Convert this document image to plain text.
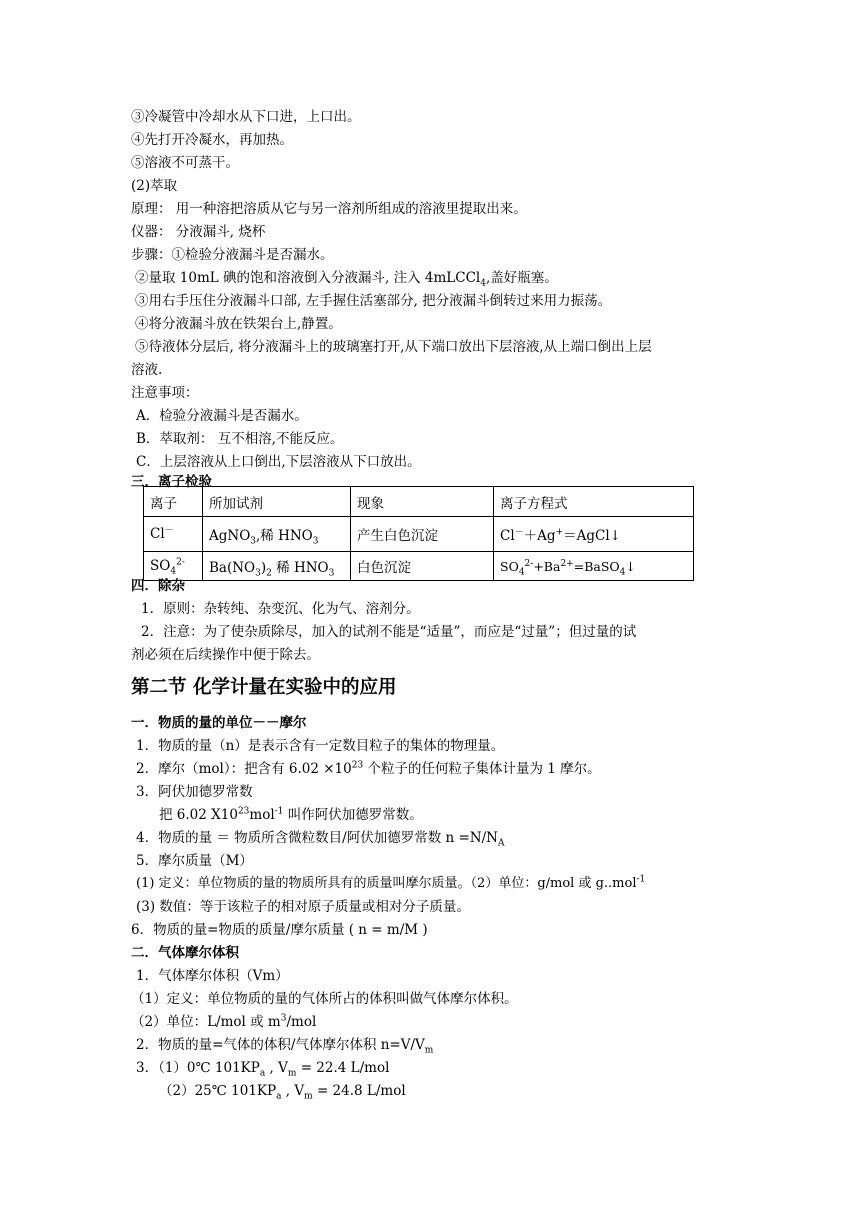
③冷凝管中冷却水从下口进，上口出。
④先打开冷凝水，再加热。
⑤溶液不可蒸干。
(2)萃取
原理： 用一种溶把溶质从它与另一溶剂所组成的溶液里提取出来。
仪器： 分液漏斗, 烧杯
步骤：①检验分液漏斗是否漏水。
②量取 10mL 碘的饱和溶液倒入分液漏斗, 注入 4mLCCl$_4$,盖好瓶塞。
③用右手压住分液漏斗口部, 左手握住活塞部分, 把分液漏斗倒转过来用力振荡。
④将分液漏斗放在铁架台上,静置。
⑤待液体分层后, 将分液漏斗上的玻璃塞打开,从下端口放出下层溶液,从上端口倒出上层
溶液.
注意事项：
A．检验分液漏斗是否漏水。
B．萃取剂： 互不相溶,不能反应。
C．上层溶液从上口倒出,下层溶液从下口放出。
三．离子检验
离子	所加试剂	现象	离子方程式
Cl－	AgNO$_3$,稀 $HNO_3$	产生白色沉淀	Cl－＋Ag+＝AgCl↓
$SO_4^{2-}$	$Ba(NO_3)_2$ 稀 $HNO_3$	白色沉淀	$SO_4^{2-}+Ba^{2+}=BaSO_4↓$
四．除杂
1．原则：杂转纯、杂变沉、化为气、溶剂分。
2．注意：为了使杂质除尽，加入的试剂不能是“适量”，而应是“过量”；但过量的试
剂必须在后续操作中便于除去。
第二节 化学计量在实验中的应用
一．物质的量的单位－－摩尔
1．物质的量（n）是表示含有一定数目粒子的集体的物理量。
2．摩尔（mol）：把含有 $6.02 \times 10^{23}$ 个粒子的任何粒子集体计量为 1 摩尔。
3．阿伏加德罗常数
把 6.02 $X10^{23}mol^{-1}$ 叫作阿伏加德罗常数。
4．物质的量 ＝ 物质所含微粒数目/阿伏加德罗常数 $n =N/N_A$
5．摩尔质量（M）
(1) 定义：单位物质的量的物质所具有的质量叫摩尔质量。（2）单位：g/mol 或 g..mol$^{-1}$
(3) 数值：等于该粒子的相对原子质量或相对分子质量。
6．物质的量=物质的质量/摩尔质量 ( n = m/M )
二．气体摩尔体积
1．气体摩尔体积（Vm）
（1）定义：单位物质的量的气体所占的体积叫做气体摩尔体积。
（2）单位：L/mol 或 $m^3$/mol
2．物质的量=气体的体积/气体摩尔体积 $n=V/V_m$
3．（1）0℃ $101KP_a$ , $V_m = 22.4$ L/mol
（2）25℃ $101KP_a$ , $V_m = 24.8$ L/mol
